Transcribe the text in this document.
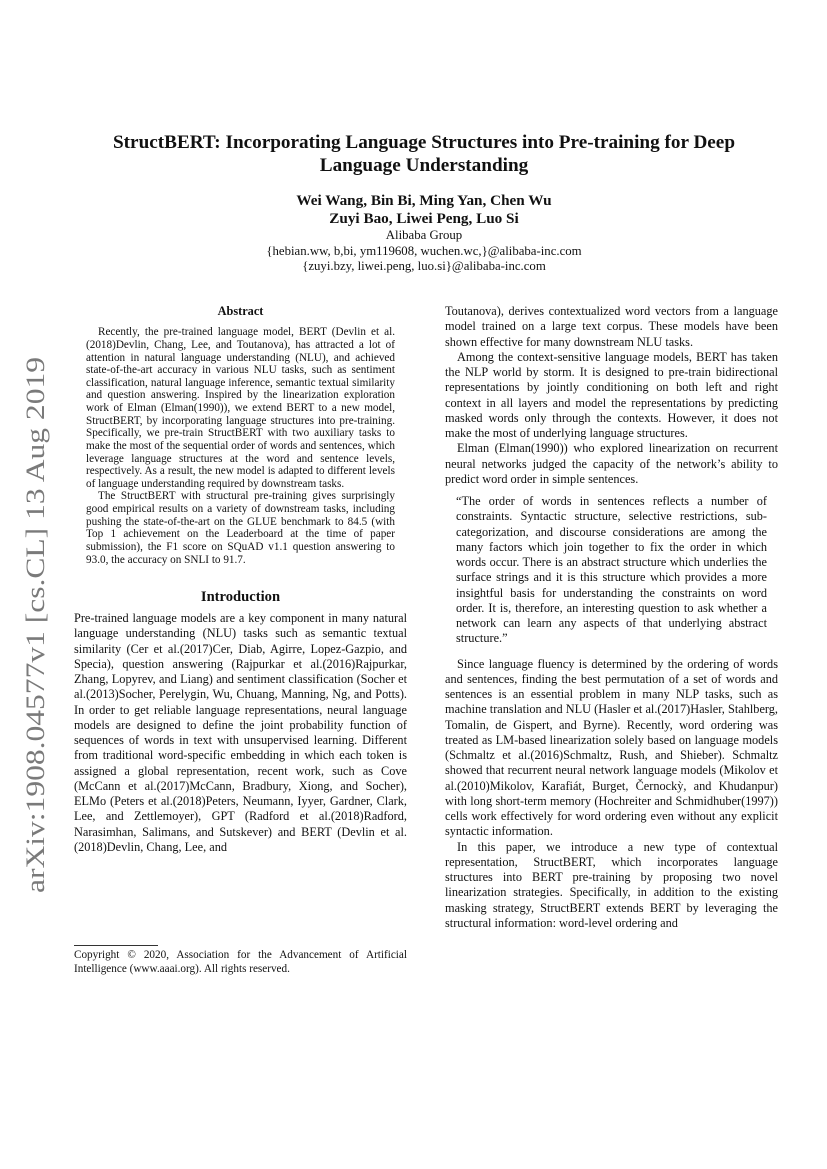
arXiv:1908.04577v1 [cs.CL] 13 Aug 2019
StructBERT: Incorporating Language Structures into Pre-training for Deep
Language Understanding
Wei Wang, Bin Bi, Ming Yan, Chen Wu
Zuyi Bao, Liwei Peng, Luo Si
Alibaba Group
{hebian.ww, b,bi, ym119608, wuchen.wc,}@alibaba-inc.com
{zuyi.bzy, liwei.peng, luo.si}@alibaba-inc.com
Abstract

Recently, the pre-trained language model, BERT (Devlin et al.(2018)Devlin, Chang, Lee, and Toutanova), has attracted a lot of attention in natural language understanding (NLU), and achieved state-of-the-art accuracy in various NLU tasks, such as sentiment classification, natural language inference, semantic textual similarity and question answering. Inspired by the linearization exploration work of Elman (Elman(1990)), we extend BERT to a new model, StructBERT, by incorporating language structures into pre-training. Specifically, we pre-train StructBERT with two auxiliary tasks to make the most of the sequential order of words and sentences, which leverage language structures at the word and sentence levels, respectively. As a result, the new model is adapted to different levels of language understanding required by downstream tasks.

The StructBERT with structural pre-training gives surprisingly good empirical results on a variety of downstream tasks, including pushing the state-of-the-art on the GLUE benchmark to 84.5 (with Top 1 achievement on the Leaderboard at the time of paper submission), the F1 score on SQuAD v1.1 question answering to 93.0, the accuracy on SNLI to 91.7.

Introduction

Pre-trained language models are a key component in many natural language understanding (NLU) tasks such as semantic textual similarity (Cer et al.(2017)Cer, Diab, Agirre, Lopez-Gazpio, and Specia), question answering (Rajpurkar et al.(2016)Rajpurkar, Zhang, Lopyrev, and Liang) and sentiment classification (Socher et al.(2013)Socher, Perelygin, Wu, Chuang, Manning, Ng, and Potts). In order to get reliable language representations, neural language models are designed to define the joint probability function of sequences of words in text with unsupervised learning. Different from traditional word-specific embedding in which each token is assigned a global representation, recent work, such as Cove (McCann et al.(2017)McCann, Bradbury, Xiong, and Socher), ELMo (Peters et al.(2018)Peters, Neumann, Iyyer, Gardner, Clark, Lee, and Zettlemoyer), GPT (Radford et al.(2018)Radford, Narasimhan, Salimans, and Sutskever) and BERT (Devlin et al.(2018)Devlin, Chang, Lee, and

Copyright © 2020, Association for the Advancement of Artificial Intelligence (www.aaai.org). All rights reserved.

Toutanova), derives contextualized word vectors from a language model trained on a large text corpus. These models have been shown effective for many downstream NLU tasks.

Among the context-sensitive language models, BERT has taken the NLP world by storm. It is designed to pre-train bidirectional representations by jointly conditioning on both left and right context in all layers and model the representations by predicting masked words only through the contexts. However, it does not make the most of underlying language structures.

Elman (Elman(1990)) who explored linearization on recurrent neural networks judged the capacity of the network’s ability to predict word order in simple sentences.

“The order of words in sentences reflects a number of constraints. Syntactic structure, selective restrictions, sub-categorization, and discourse considerations are among the many factors which join together to fix the order in which words occur. There is an abstract structure which underlies the surface strings and it is this structure which provides a more insightful basis for understanding the constraints on word order. It is, therefore, an interesting question to ask whether a network can learn any aspects of that underlying abstract structure.”

Since language fluency is determined by the ordering of words and sentences, finding the best permutation of a set of words and sentences is an essential problem in many NLP tasks, such as machine translation and NLU (Hasler et al.(2017)Hasler, Stahlberg, Tomalin, de Gispert, and Byrne). Recently, word ordering was treated as LM-based linearization solely based on language models (Schmaltz et al.(2016)Schmaltz, Rush, and Shieber). Schmaltz showed that recurrent neural network language models (Mikolov et al.(2010)Mikolov, Karafiát, Burget, Černockỳ, and Khudanpur) with long short-term memory (Hochreiter and Schmidhuber(1997)) cells work effectively for word ordering even without any explicit syntactic information.

In this paper, we introduce a new type of contextual representation, StructBERT, which incorporates language structures into BERT pre-training by proposing two novel linearization strategies. Specifically, in addition to the existing masking strategy, StructBERT extends BERT by leveraging the structural information: word-level ordering and
